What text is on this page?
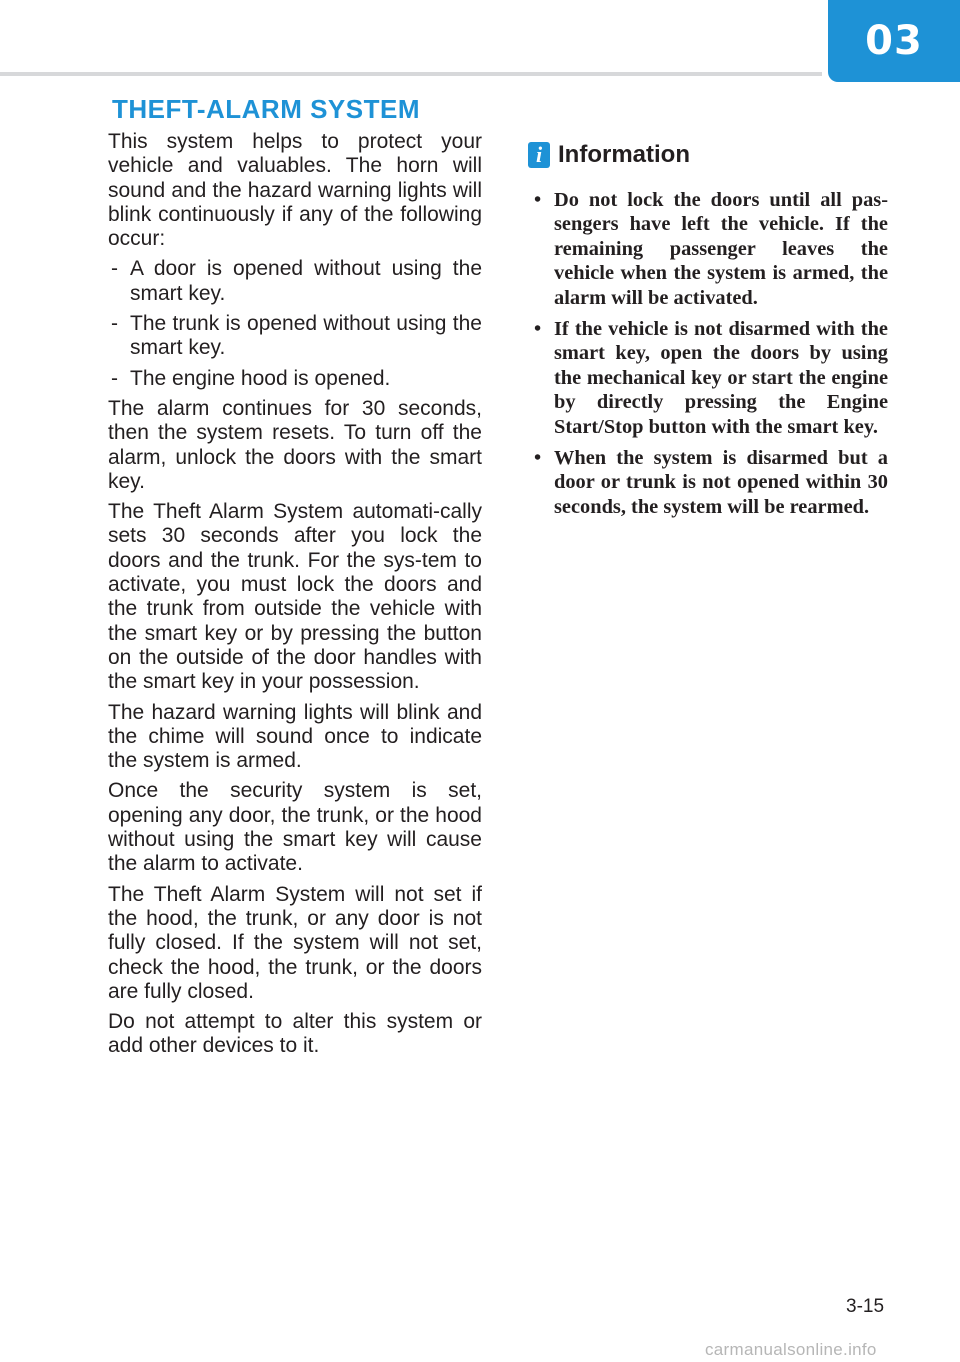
03
THEFT-ALARM SYSTEM

This system helps to protect your vehicle and valuables. The horn will sound and the hazard warning lights will blink continuously if any of the following occur:

- A door is opened without using the smart key.
- The trunk is opened without using the smart key.
- The engine hood is opened.

The alarm continues for 30 seconds, then the system resets. To turn off the alarm, unlock the doors with the smart key.

The Theft Alarm System automati-cally sets 30 seconds after you lock the doors and the trunk. For the sys-tem to activate, you must lock the doors and the trunk from outside the vehicle with the smart key or by pressing the button on the outside of the door handles with the smart key in your possession.

The hazard warning lights will blink and the chime will sound once to indicate the system is armed.

Once the security system is set, opening any door, the trunk, or the hood without using the smart key will cause the alarm to activate.

The Theft Alarm System will not set if the hood, the trunk, or any door is not fully closed. If the system will not set, check the hood, the trunk, or the doors are fully closed.

Do not attempt to alter this system or add other devices to it.

i Information
• Do not lock the doors until all pas-sengers have left the vehicle. If the remaining passenger leaves the vehicle when the system is armed, the alarm will be activated.
• If the vehicle is not disarmed with the smart key, open the doors by using the mechanical key or start the engine by directly pressing the Engine Start/Stop button with the smart key.
• When the system is disarmed but a door or trunk is not opened within 30 seconds, the system will be rearmed.
3-15
carmanualsonline.info
